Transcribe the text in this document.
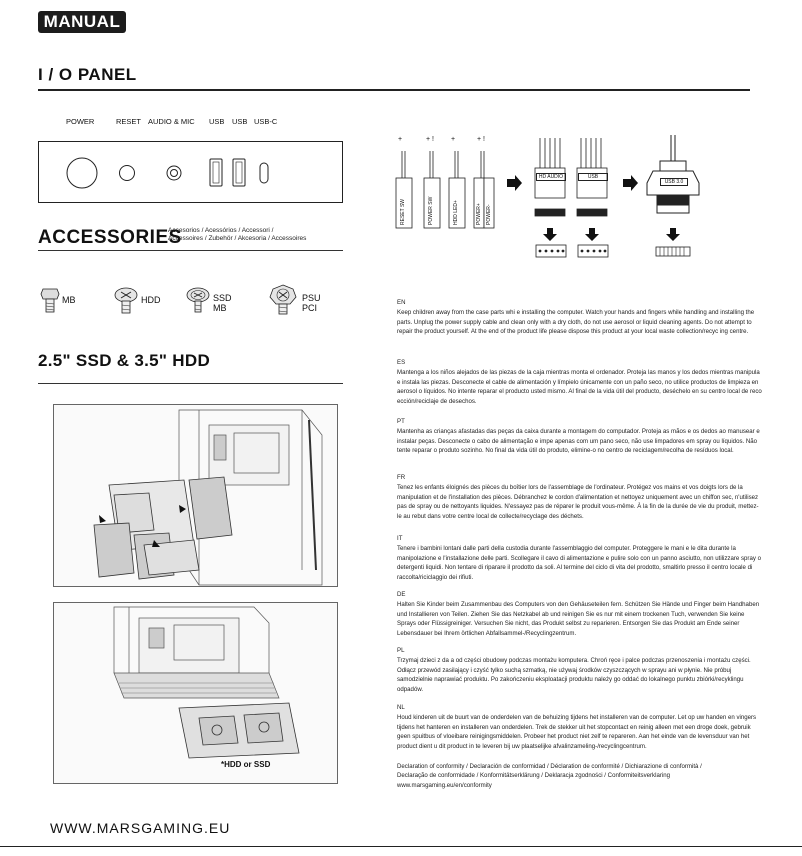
MANUAL
I / O PANEL
POWER	RESET AUDIO & MIC USB USB USB-C
ACCESSORIES
Accesorios / Acessórios / Accessori /
Accessoires / Zubehör / Akcesoria / Accessoires
MB	HDD	SSD
MB
PSU
PCI
2.5" SSD & 3.5" HDD
*HDD or SSD
+	+ ! +	+ !
RESET SW	POWER SW	HDD LED+	POWER+ POWER-
HD AUDIO	USB
USB 3.0
EN
Keep children away from the case parts whi e installing the computer. Watch your hands and fingers while handling and installing the parts. Unplug the power supply cable and clean only with a dry cloth, do not use aerosol or liquid cleaning agents. Do not attempt to repair the product yourself. At the end of the product life please dispose this product at your local waste collection/recyc ing centre.
ES
Mantenga a los niños alejados de las piezas de la caja mientras monta el ordenador. Proteja las manos y los dedos mientras manipula e instala las piezas. Desconecte el cable de alimentación y límpielo únicamente con un paño seco, no utilice productos de limpieza en aerosol o líquidos. No intente reparar el producto usted mismo. Al final de la vida útil del producto, deséchelo en su centro local de reco ección/reciclaje de desechos.
PT
Mantenha as crianças afastadas das peças da caixa durante a montagem do computador. Proteja as mãos e os dedos ao manusear e instalar peças. Desconecte o cabo de alimentação e impe apenas com um pano seco, não use limpadores em spray ou líquidos. Não tente reparar o produto sozinho. No final da vida útil do produto, elimine-o no centro de reciclagem/recolha de resíduos local.
FR
Tenez les enfants éloignés des pièces du boîtier lors de l'assemblage de l'ordinateur. Protégez vos mains et vos doigts lors de la manipulation et de l'installation des pièces. Débranchez le cordon d'alimentation et nettoyez uniquement avec un chiffon sec, n'utilisez pas de spray ou de nettoyants liquides. N'essayez pas de réparer le produit vous-même. À la fin de la durée de vie du produit, mettez-le au rebut dans votre centre local de collecte/recyclage des déchets.
IT
Tenere i bambini lontani dalle parti della custodia durante l'assemblaggio del computer. Proteggere le mani e le dita durante la manipolazione e l'installazione delle parti. Scollegare il cavo di alimentazione e pulire solo con un panno asciutto, non utilizzare spray o detergenti liquidi. Non tentare di riparare il prodotto da soli. Al termine del ciclo di vita del prodotto, smaltirlo presso il centro locale di raccolta/riciclaggio dei rifiuti.
DE
Halten Sie Kinder beim Zusammenbau des Computers von den Gehäuseteilen fern. Schützen Sie Hände und Finger beim Handhaben und Installieren von Teilen. Ziehen Sie das Netzkabel ab und reinigen Sie es nur mit einem trockenen Tuch, verwenden Sie keine Sprays oder Flüssigreiniger. Versuchen Sie nicht, das Produkt selbst zu reparieren. Entsorgen Sie das Produkt am Ende seiner Lebensdauer bei Ihrem örtlichen Abfallsammel-/Recyclingzentrum.
PL
Trzymaj dzieci z da a od części obudowy podczas montażu komputera. Chroń ręce i palce podczas przenoszenia i montażu części. Odłącz przewód zasilający i czyść tylko suchą szmatką, nie używaj środków czyszczących w sprayu ani w płynie. Nie próbuj samodzielnie naprawiać produktu. Po zakończeniu eksploatacji produktu należy go oddać do lokalnego punktu zbiórki/recyklingu odpadów.
NL
Houd kinderen uit de buurt van de onderdelen van de behuizing tijdens het installeren van de computer. Let op uw handen en vingers tijdens het hanteren en installeren van onderdelen. Trek de stekker uit het stopcontact en reinig alleen met een droge doek, gebruik geen spuitbus of vloeibare reinigingsmiddelen. Probeer het product niet zelf te repareren. Aan het einde van de levensduur van het product dient u dit product in te leveren bij uw plaatselijke afvalinzameling-/recyclingcentrum.
Declaration of conformity / Declaración de conformidad / Déclaration de conformité / Dichiarazione di conformità /
Declaração de conformidade / Konformitätserklärung / Deklaracja zgodności / Conformiteitsverklaring
www.marsgaming.eu/en/conformity
WWW.MARSGAMING.EU
